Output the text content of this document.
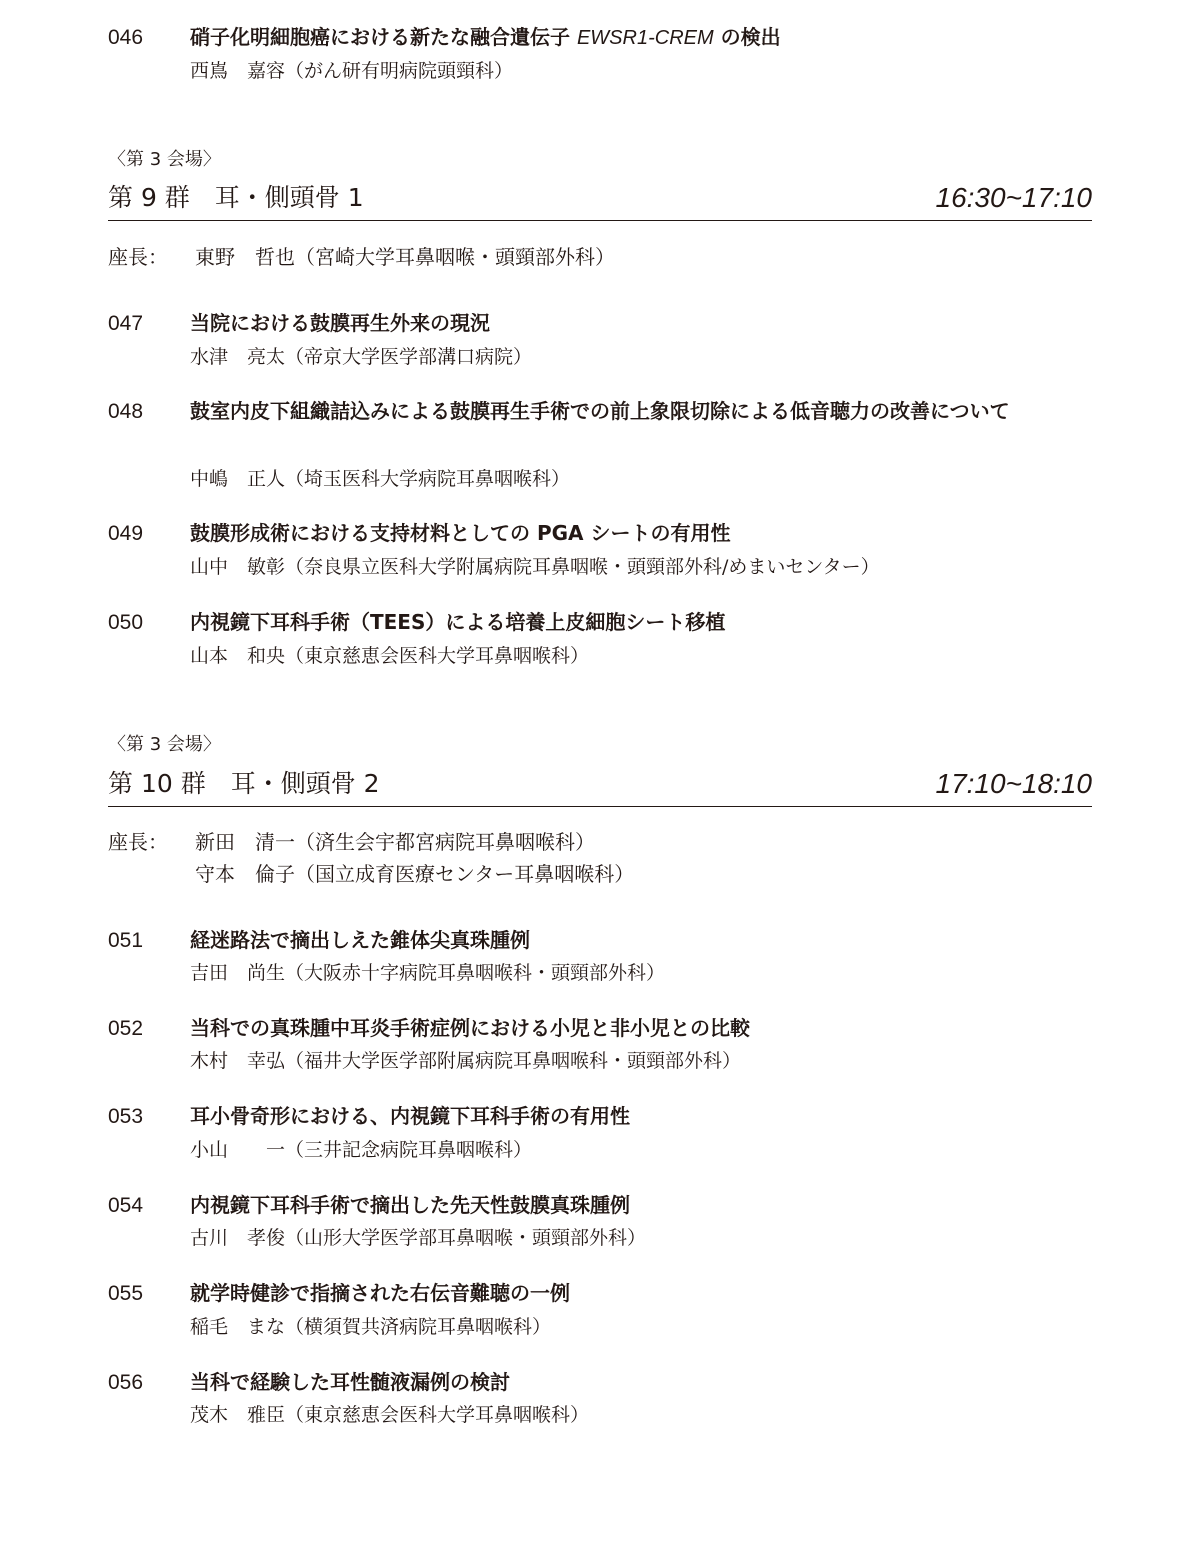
046 硝子化明細胞癌における新たな融合遺伝子 EWSR1-CREM の検出
西嶌　嘉容（がん研有明病院頭頸科）
〈第 3 会場〉
第 9 群　耳・側頭骨 1	16:30~17:10
座長： 東野　哲也（宮崎大学耳鼻咽喉・頭頸部外科）
047 当院における鼓膜再生外来の現況
水津　亮太（帝京大学医学部溝口病院）
048 鼓室内皮下組織詰込みによる鼓膜再生手術での前上象限切除による低音聴力の改善について
中嶋　正人（埼玉医科大学病院耳鼻咽喉科）
049 鼓膜形成術における支持材料としての PGA シートの有用性
山中　敏彰（奈良県立医科大学附属病院耳鼻咽喉・頭頸部外科/めまいセンター）
050 内視鏡下耳科手術（TEES）による培養上皮細胞シート移植
山本　和央（東京慈恵会医科大学耳鼻咽喉科）
〈第 3 会場〉
第 10 群　耳・側頭骨 2	17:10~18:10
座長： 新田　清一（済生会宇都宮病院耳鼻咽喉科）
守本　倫子（国立成育医療センター耳鼻咽喉科）
051 経迷路法で摘出しえた錐体尖真珠腫例
吉田　尚生（大阪赤十字病院耳鼻咽喉科・頭頸部外科）
052 当科での真珠腫中耳炎手術症例における小児と非小児との比較
木村　幸弘（福井大学医学部附属病院耳鼻咽喉科・頭頸部外科）
053 耳小骨奇形における、内視鏡下耳科手術の有用性
小山　　一（三井記念病院耳鼻咽喉科）
054 内視鏡下耳科手術で摘出した先天性鼓膜真珠腫例
古川　孝俊（山形大学医学部耳鼻咽喉・頭頸部外科）
055 就学時健診で指摘された右伝音難聴の一例
稲毛　まな（横須賀共済病院耳鼻咽喉科）
056 当科で経験した耳性髄液漏例の検討
茂木　雅臣（東京慈恵会医科大学耳鼻咽喉科）
